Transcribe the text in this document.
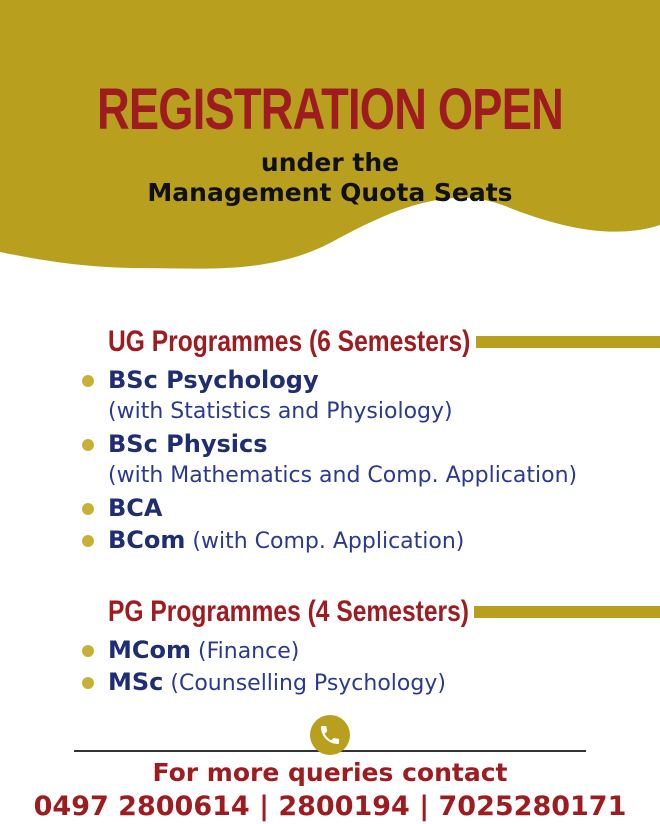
REGISTRATION OPEN
under the
Management Quota Seats
UG Programmes (6 Semesters)
BSc Psychology
(with Statistics and Physiology)
BSc Physics
(with Mathematics and Comp. Application)
BCA
BCom (with Comp. Application)
PG Programmes (4 Semesters)
MCom (Finance)
MSc (Counselling Psychology)
For more queries contact
0497 2800614 | 2800194 | 7025280171
